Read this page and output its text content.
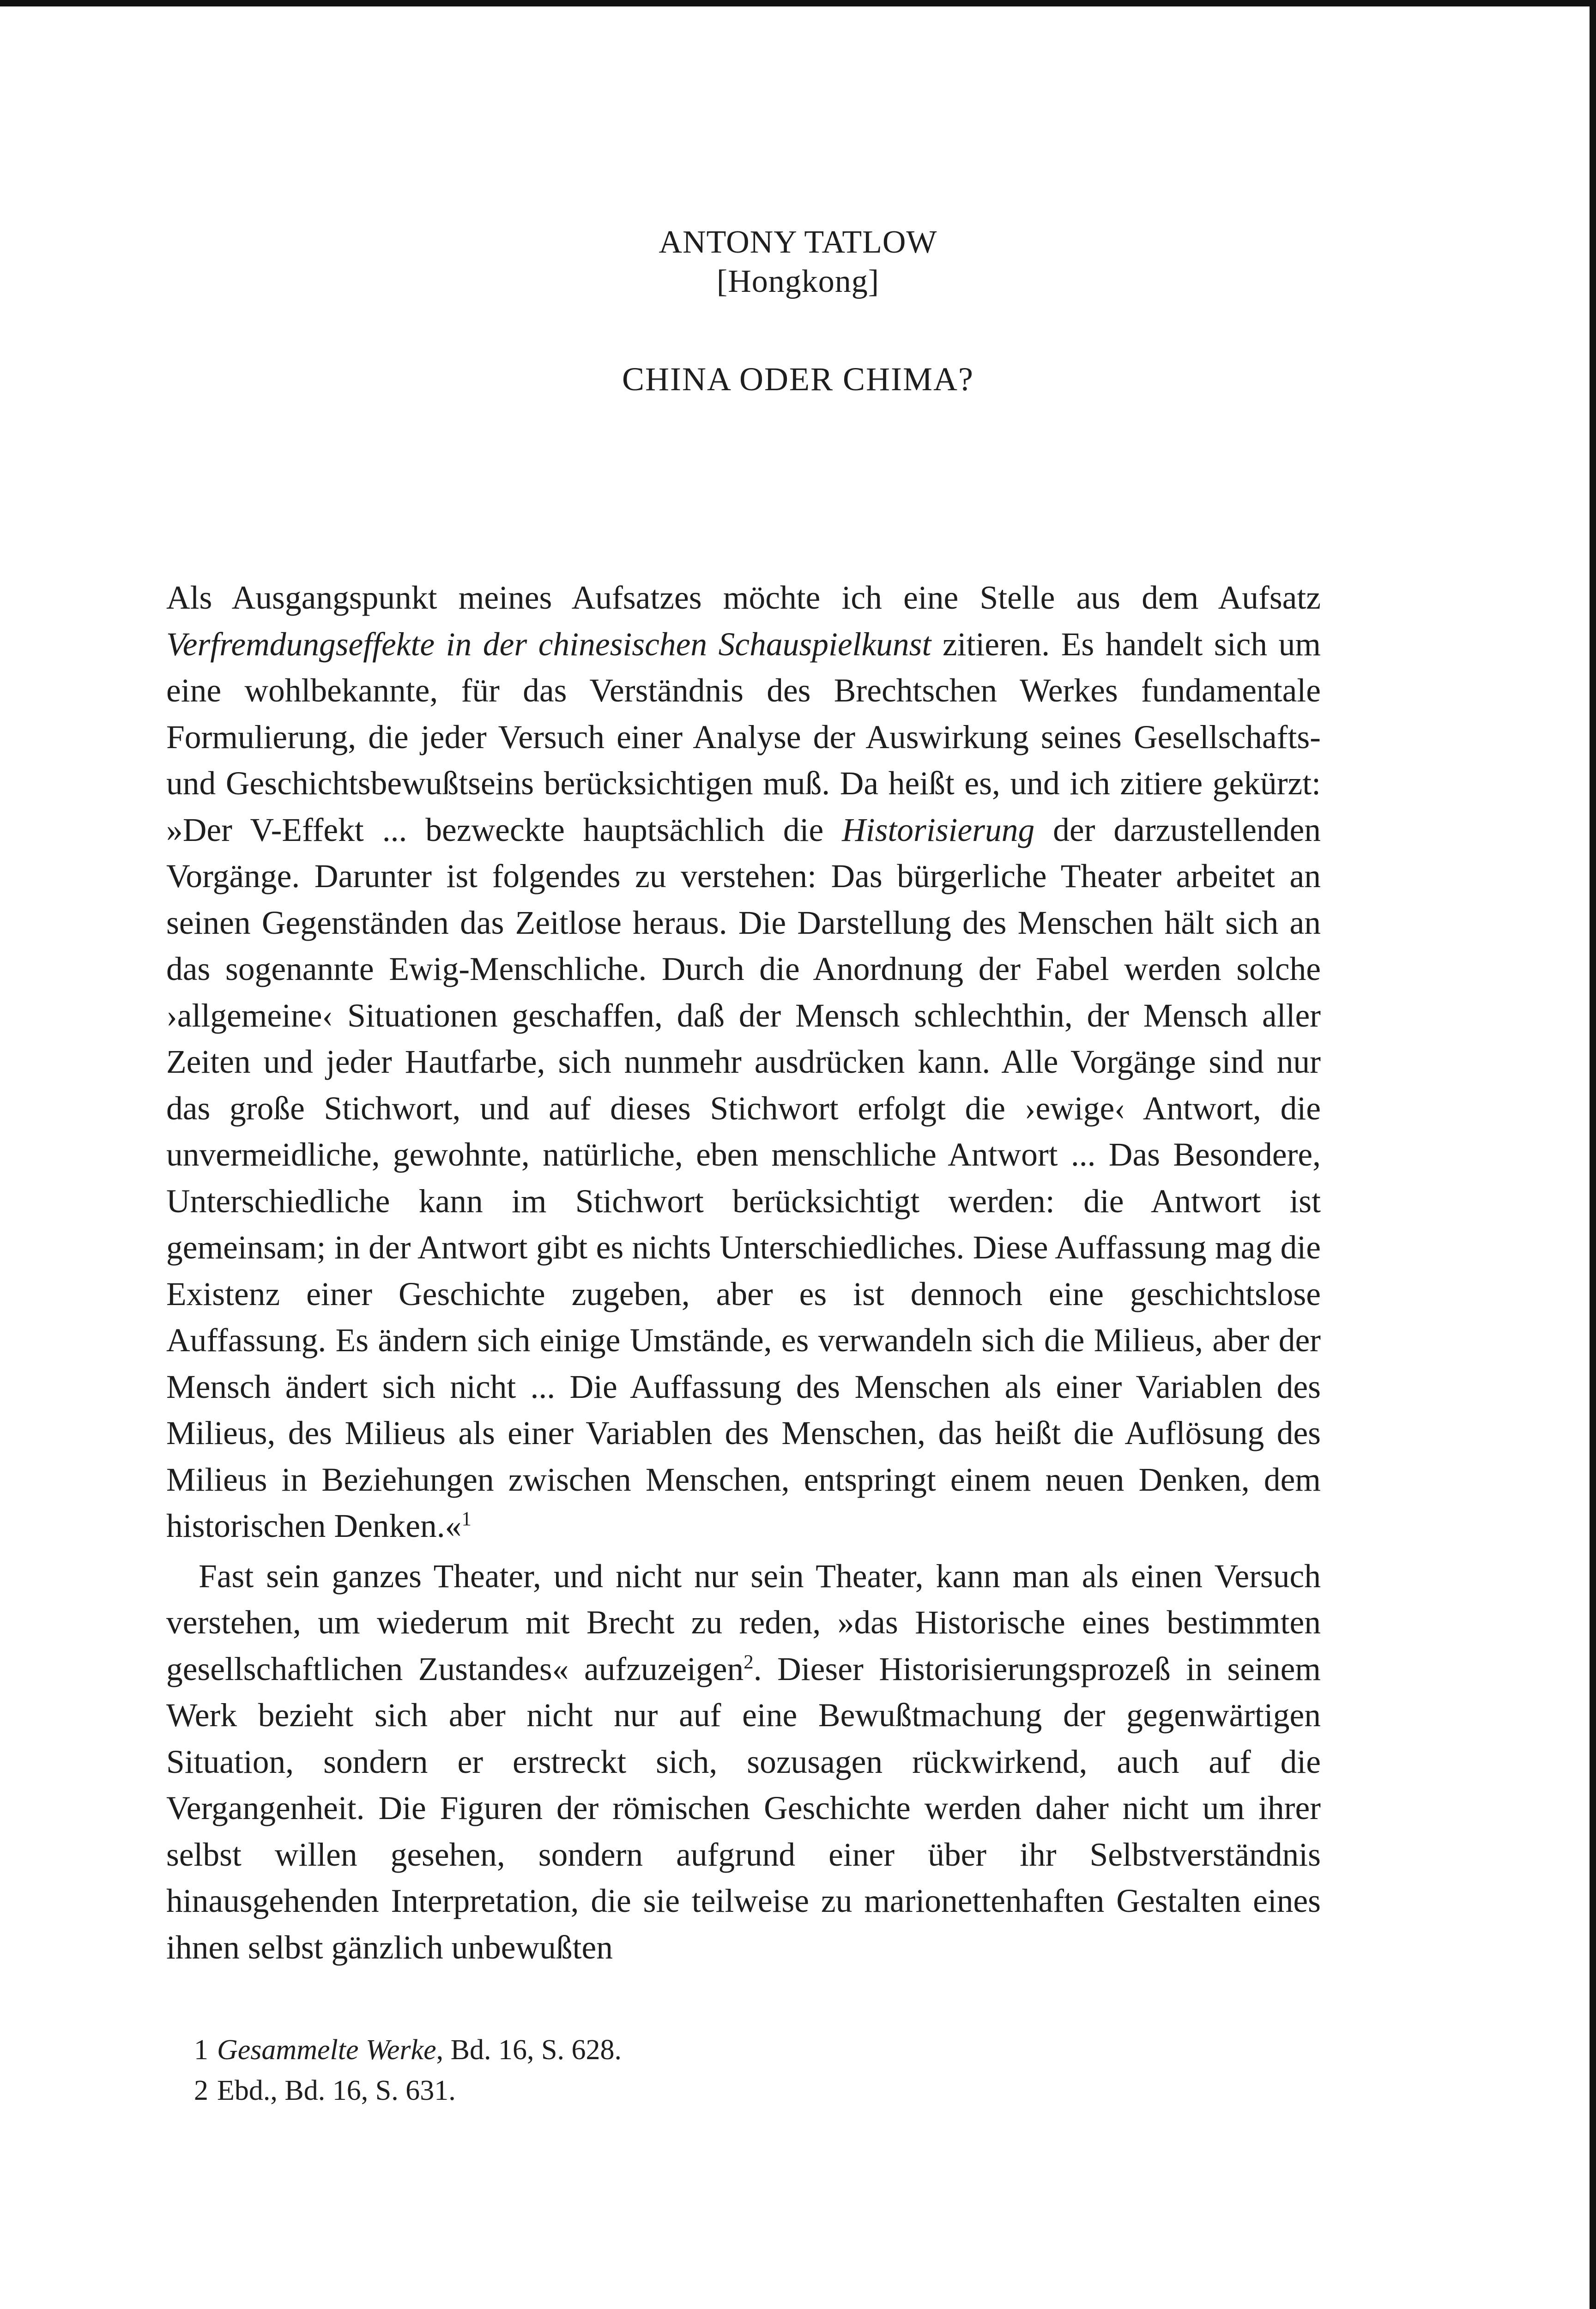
ANTONY TATLOW
[Hongkong]
CHINA ODER CHIMA?

Als Ausgangspunkt meines Aufsatzes möchte ich eine Stelle aus dem Aufsatz Verfremdungseffekte in der chinesischen Schauspielkunst zitieren. Es handelt sich um eine wohlbekannte, für das Verständnis des Brechtschen Werkes fundamentale Formulierung, die jeder Versuch einer Analyse der Auswirkung seines Gesellschafts- und Geschichtsbewußtseins berücksichtigen muß. Da heißt es, und ich zitiere gekürzt: »Der V-Effekt ... bezweckte hauptsächlich die Historisierung der darzustellenden Vorgänge. Darunter ist folgendes zu verstehen: Das bürgerliche Theater arbeitet an seinen Gegenständen das Zeitlose heraus. Die Darstellung des Menschen hält sich an das sogenannte Ewig-Menschliche. Durch die Anordnung der Fabel werden solche ›allgemeine‹ Situationen geschaffen, daß der Mensch schlechthin, der Mensch aller Zeiten und jeder Hautfarbe, sich nunmehr ausdrücken kann. Alle Vorgänge sind nur das große Stichwort, und auf dieses Stichwort erfolgt die ›ewige‹ Antwort, die unvermeidliche, gewohnte, natürliche, eben menschliche Antwort ... Das Besondere, Unterschiedliche kann im Stichwort berücksichtigt werden: die Antwort ist gemeinsam; in der Antwort gibt es nichts Unterschiedliches. Diese Auffassung mag die Existenz einer Geschichte zugeben, aber es ist dennoch eine geschichtslose Auffassung. Es ändern sich einige Umstände, es verwandeln sich die Milieus, aber der Mensch ändert sich nicht ... Die Auffassung des Menschen als einer Variablen des Milieus, des Milieus als einer Variablen des Menschen, das heißt die Auflösung des Milieus in Beziehungen zwischen Menschen, entspringt einem neuen Denken, dem historischen Denken.«$^1$

Fast sein ganzes Theater, und nicht nur sein Theater, kann man als einen Versuch verstehen, um wiederum mit Brecht zu reden, »das Historische eines bestimmten gesellschaftlichen Zustandes« aufzuzeigen$^2$. Dieser Historisierungsprozeß in seinem Werk bezieht sich aber nicht nur auf eine Bewußtmachung der gegenwärtigen Situation, sondern er erstreckt sich, sozusagen rückwirkend, auch auf die Vergangenheit. Die Figuren der römischen Geschichte werden daher nicht um ihrer selbst willen gesehen, sondern aufgrund einer über ihr Selbstverständnis hinausgehenden Interpretation, die sie teilweise zu marionettenhaften Gestalten eines ihnen selbst gänzlich unbewußten

1 Gesammelte Werke, Bd. 16, S. 628.
2 Ebd., Bd. 16, S. 631.
